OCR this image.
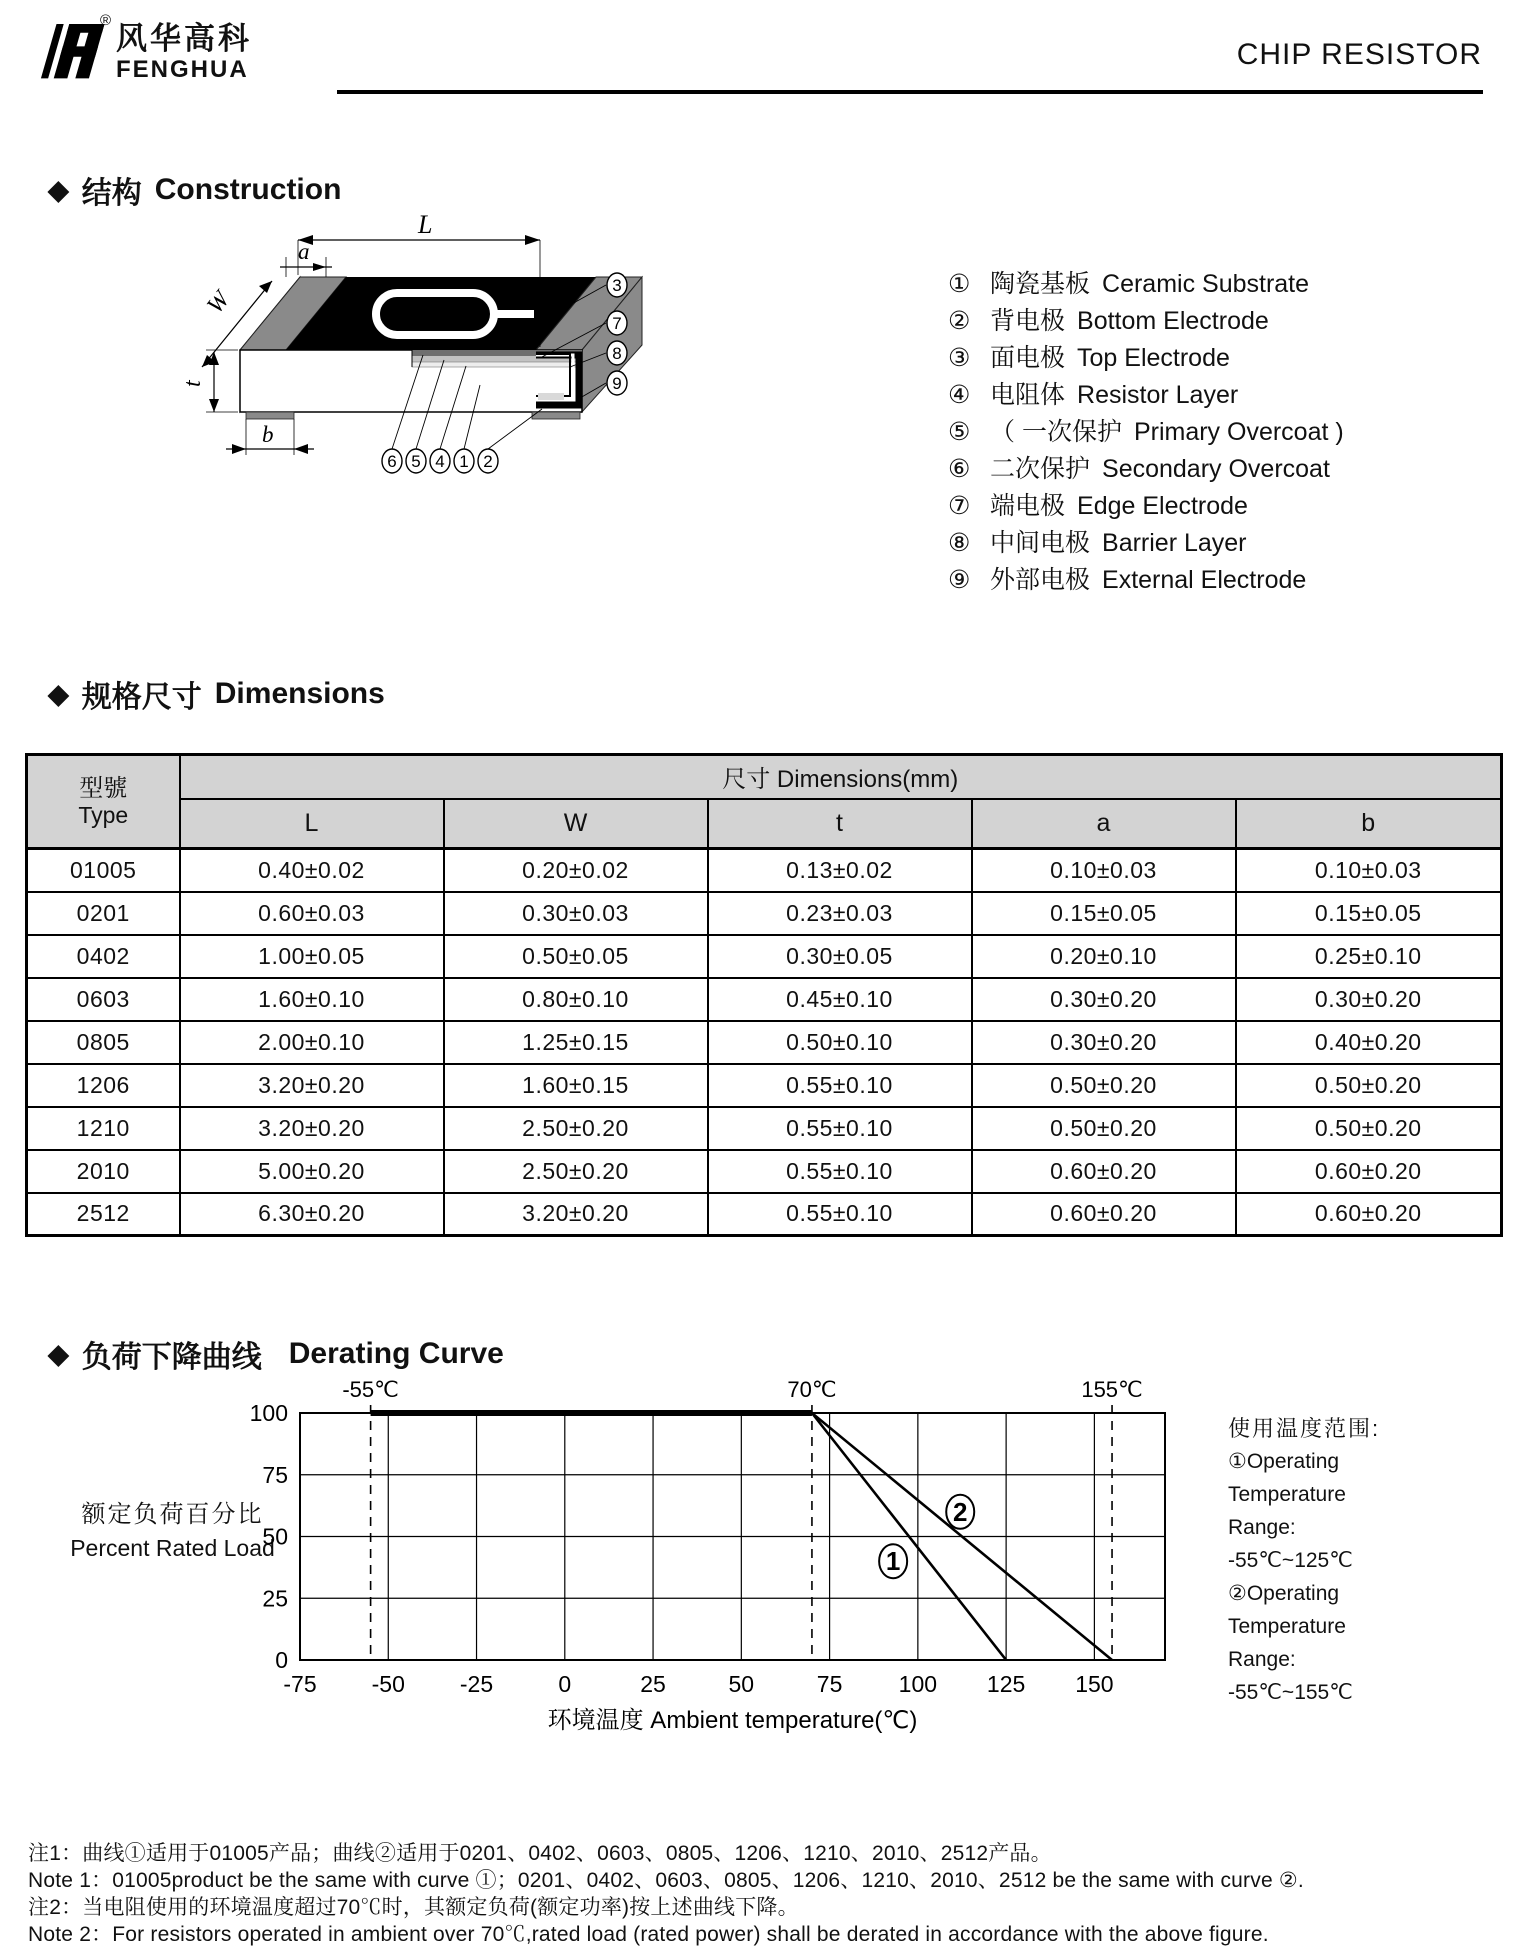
®
风华高科
FENGHUA	CHIP RESISTOR
◆ 结构 Construction
L
a
W
t
b
3
7
8
9
6 5 4 1 2
① 陶瓷基板 Ceramic Substrate
② 背电极 Bottom Electrode
③ 面电极 Top Electrode
④ 电阻体 Resistor Layer
⑤ （ 一次保护 Primary Overcoat )
⑥ 二次保护 Secondary Overcoat
⑦ 端电极 Edge Electrode
⑧ 中间电极 Barrier Layer
⑨ 外部电极 External Electrode
◆ 规格尺寸 Dimensions
型號
Type	尺寸 Dimensions(mm)				
	L	W	t	a	b
01005	0.40±0.02	0.20±0.02	0.13±0.02	0.10±0.03	0.10±0.03
0201	0.60±0.03	0.30±0.03	0.23±0.03	0.15±0.05	0.15±0.05
0402	1.00±0.05	0.50±0.05	0.30±0.05	0.20±0.10	0.25±0.10
0603	1.60±0.10	0.80±0.10	0.45±0.10	0.30±0.20	0.30±0.20
0805	2.00±0.10	1.25±0.15	0.50±0.10	0.30±0.20	0.40±0.20
1206	3.20±0.20	1.60±0.15	0.55±0.10	0.50±0.20	0.50±0.20
1210	3.20±0.20	2.50±0.20	0.55±0.10	0.50±0.20	0.50±0.20
2010	5.00±0.20	2.50±0.20	0.55±0.10	0.60±0.20	0.60±0.20
2512	6.30±0.20	3.20±0.20	0.55±0.10	0.60±0.20	0.60±0.20
◆ 负荷下降曲线 Derating Curve
额定负荷百分比
Percent Rated Load
-55℃	70℃	155℃
1
2
-75 -50 -25	0	25	50	75 100 125 150
0
25
50
75
100
环境温度 Ambient temperature(℃)
使用温度范围:
①Operating
Temperature
Range:
-55℃~125℃
②Operating
Temperature
Range:
-55℃~155℃
注1：曲线①适用于01005产品；曲线②适用于0201、0402、0603、0805、1206、1210、2010、2512产品。
Note 1：01005product be the same with curve ①；0201、0402、0603、0805、1206、1210、2010、2512 be the same with curve ②.
注2：当电阻使用的环境温度超过70℃时，其额定负荷(额定功率)按上述曲线下降。
Note 2：For resistors operated in ambient over 70℃,rated load (rated power) shall be derated in accordance with the above figure.
